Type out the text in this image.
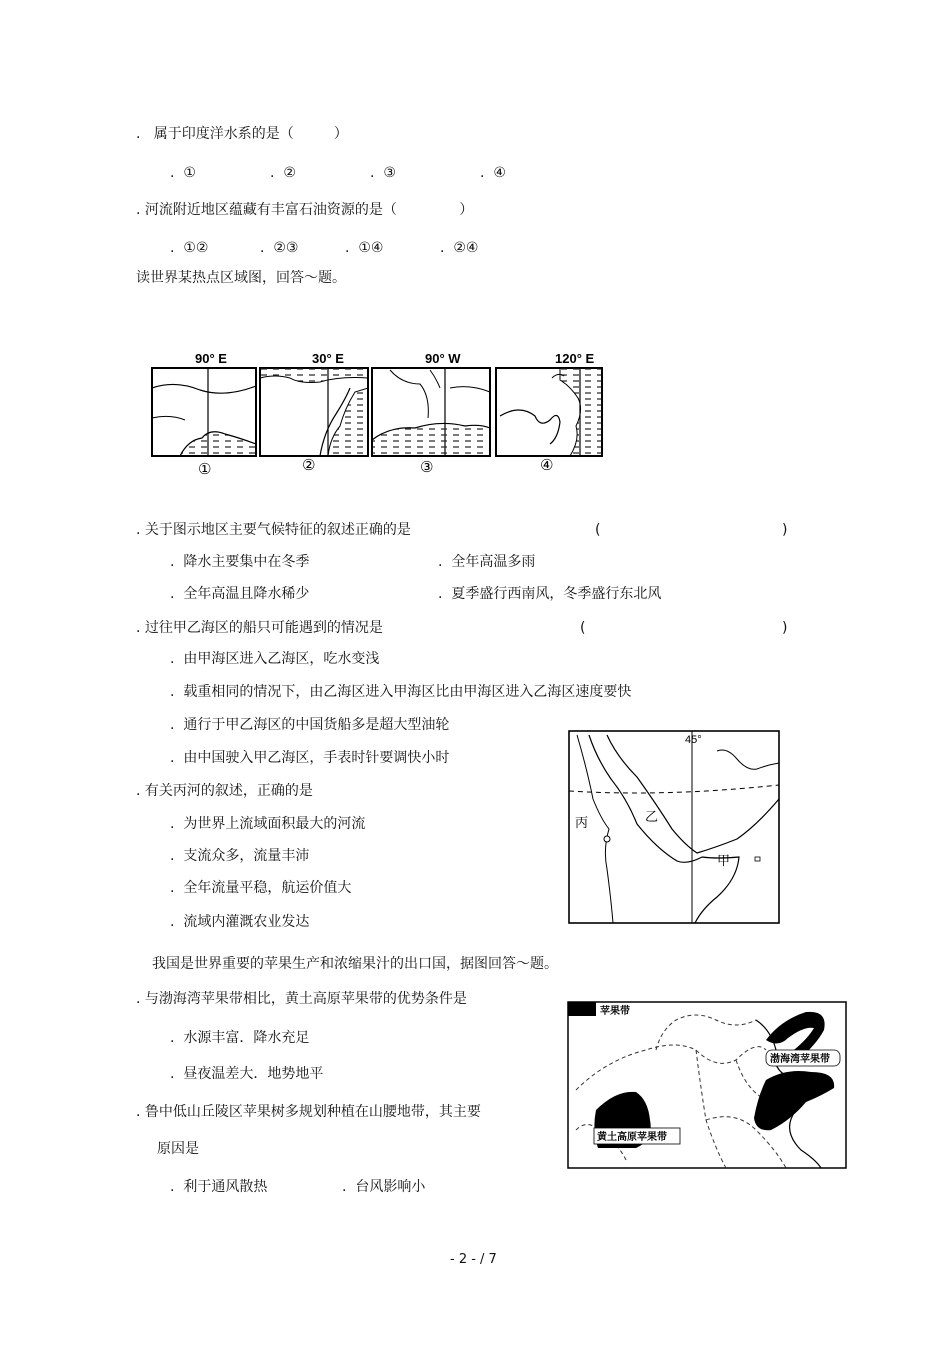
.   属于印度洋水系的是（         ）
.  ①	.  ②	.  ③	.  ④
. 河流附近地区蕴藏有丰富石油资源的是（              ）
.  ①②	.  ②③	.  ①④	.  ②④
读世界某热点区域图，回答～题。
90° E	30° E	90° W	120° E
①	②	③	④
. 关于图示地区主要气候特征的叙述正确的是	(	)
.  降水主要集中在冬季	.  全年高温多雨
.  全年高温且降水稀少	.  夏季盛行西南风，冬季盛行东北风
. 过往甲乙海区的船只可能遇到的情况是	(	)
.  由甲海区进入乙海区，吃水变浅
.  载重相同的情况下，由乙海区进入甲海区比由甲海区进入乙海区速度要快
.  通行于甲乙海区的中国货船多是超大型油轮
.  由中国驶入甲乙海区，手表时针要调快小时
. 有关丙河的叙述，正确的是
.  为世界上流域面积最大的河流
.  支流众多，流量丰沛
.  全年流量平稳，航运价值大
.  流域内灌溉农业发达
45°
乙
甲
丙
我国是世界重要的苹果生产和浓缩果汁的出口国，据图回答～题。
. 与渤海湾苹果带相比，黄土高原苹果带的优势条件是
.  水源丰富．降水充足
.  昼夜温差大．地势地平
. 鲁中低山丘陵区苹果树多规划种植在山腰地带，其主要
原因是
.  利于通风散热	.  台风影响小
苹果带
黄土高原苹果带
渤海湾苹果带
- 2 - / 7
